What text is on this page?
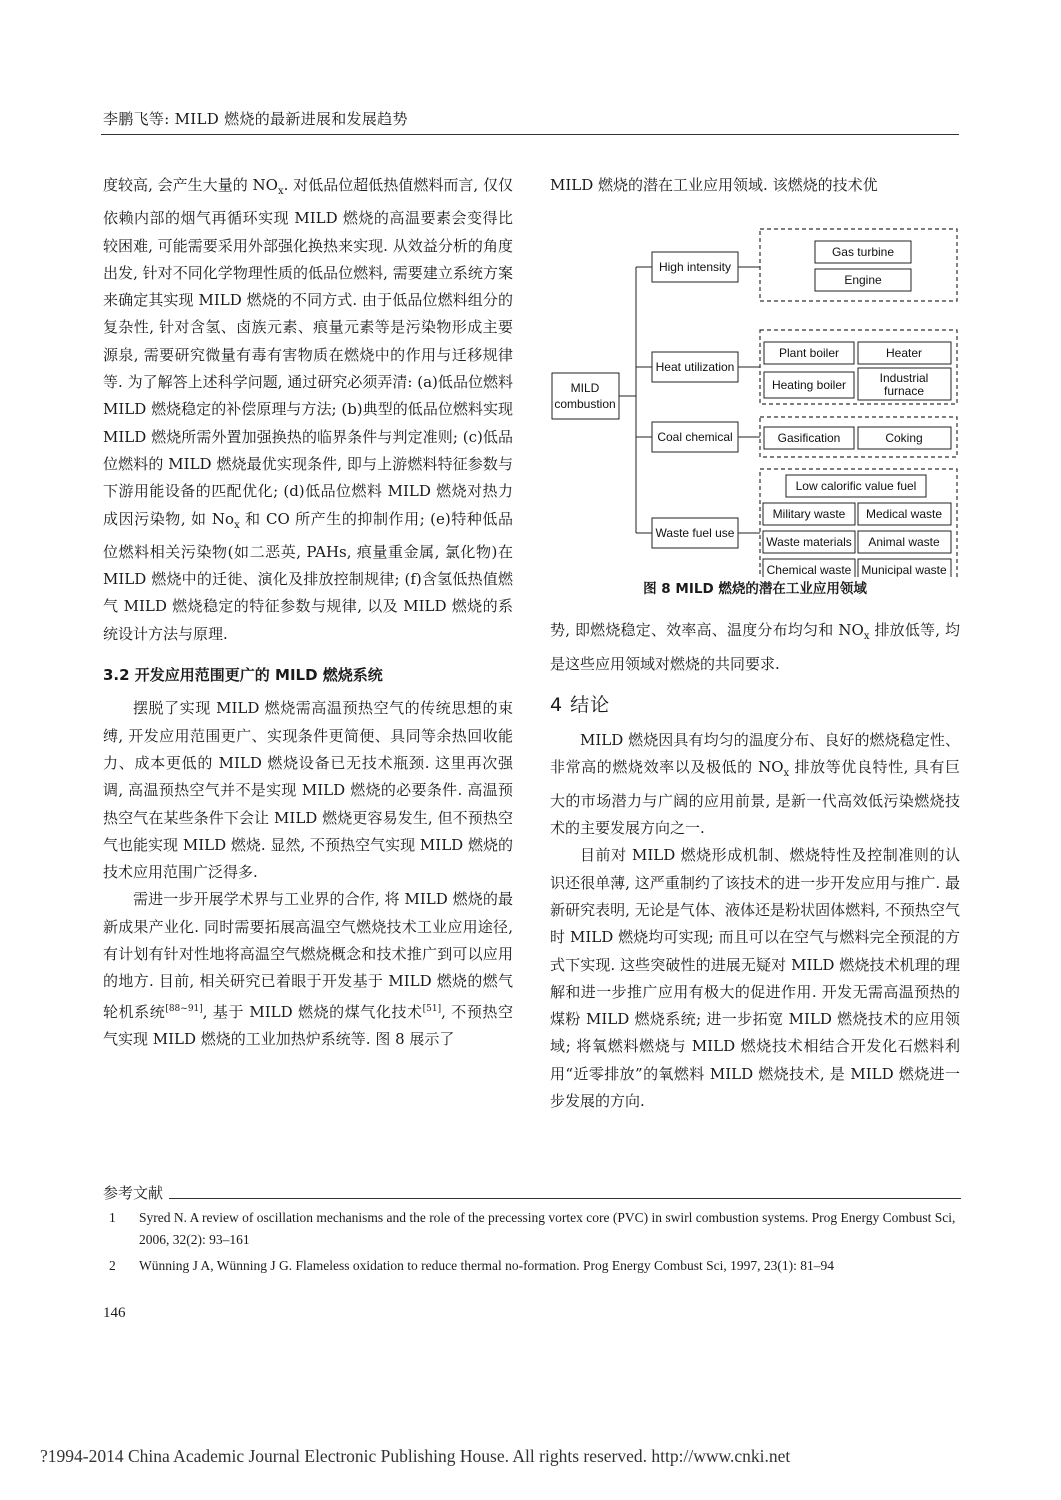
李鹏飞等: MILD 燃烧的最新进展和发展趋势

度较高, 会产生大量的 $NO_x$. 对低品位超低热值燃料而言, 仅仅依赖内部的烟气再循环实现 MILD 燃烧的高温要素会变得比较困难, 可能需要采用外部强化换热来实现. 从效益分析的角度出发, 针对不同化学物理性质的低品位燃料, 需要建立系统方案来确定其实现 MILD 燃烧的不同方式. 由于低品位燃料组分的复杂性, 针对含氢、卤族元素、痕量元素等是污染物形成主要源泉, 需要研究微量有毒有害物质在燃烧中的作用与迁移规律等. 为了解答上述科学问题, 通过研究必须弄清: (a)低品位燃料 MILD 燃烧稳定的补偿原理与方法; (b)典型的低品位燃料实现 MILD 燃烧所需外置加强换热的临界条件与判定准则; (c)低品位燃料的 MILD 燃烧最优实现条件, 即与上游燃料特征参数与下游用能设备的匹配优化; (d)低品位燃料 MILD 燃烧对热力成因污染物, 如 $No_x$ 和 CO 所产生的抑制作用; (e)特种低品位燃料相关污染物(如二恶英, PAHs, 痕量重金属, 氯化物)在 MILD 燃烧中的迁徙、演化及排放控制规律; (f)含氢低热值燃气 MILD 燃烧稳定的特征参数与规律, 以及 MILD 燃烧的系统设计方法与原理.

3.2 开发应用范围更广的 MILD 燃烧系统

摆脱了实现 MILD 燃烧需高温预热空气的传统思想的束缚, 开发应用范围更广、实现条件更简便、具同等余热回收能力、成本更低的 MILD 燃烧设备已无技术瓶颈. 这里再次强调, 高温预热空气并不是实现 MILD 燃烧的必要条件. 高温预热空气在某些条件下会让 MILD 燃烧更容易发生, 但不预热空气也能实现 MILD 燃烧. 显然, 不预热空气实现 MILD 燃烧的技术应用范围广泛得多.

需进一步开展学术界与工业界的合作, 将 MILD 燃烧的最新成果产业化. 同时需要拓展高温空气燃烧技术工业应用途径, 有计划有针对性地将高温空气燃烧概念和技术推广到可以应用的地方. 目前, 相关研究已着眼于开发基于 MILD 燃烧的燃气轮机系统[88~91], 基于 MILD 燃烧的煤气化技术[51], 不预热空气实现 MILD 燃烧的工业加热炉系统等. 图 8 展示了

MILD 燃烧的潜在工业应用领域. 该燃烧的技术优

MILD
combustion
High intensity
Heat utilization
Coal chemical
Waste fuel use
Gas turbine
Engine
Plant boiler	Heater
Heating boiler	Industrial
furnace
Gasification	Coking
Low calorific value fuel
Military waste Medical waste
Waste materials Animal waste
Chemical waste Municipal waste

图 8 MILD 燃烧的潜在工业应用领域

势, 即燃烧稳定、效率高、温度分布均匀和 $NO_x$ 排放低等, 均是这些应用领域对燃烧的共同要求.

4 结论

MILD 燃烧因具有均匀的温度分布、良好的燃烧稳定性、非常高的燃烧效率以及极低的 $NO_x$ 排放等优良特性, 具有巨大的市场潜力与广阔的应用前景, 是新一代高效低污染燃烧技术的主要发展方向之一.

目前对 MILD 燃烧形成机制、燃烧特性及控制准则的认识还很单薄, 这严重制约了该技术的进一步开发应用与推广. 最新研究表明, 无论是气体、液体还是粉状固体燃料, 不预热空气时 MILD 燃烧均可实现; 而且可以在空气与燃料完全预混的方式下实现. 这些突破性的进展无疑对 MILD 燃烧技术机理的理解和进一步推广应用有极大的促进作用. 开发无需高温预热的煤粉 MILD 燃烧系统; 进一步拓宽 MILD 燃烧技术的应用领域; 将氧燃料燃烧与 MILD 燃烧技术相结合开发化石燃料利用“近零排放”的氧燃料 MILD 燃烧技术, 是 MILD 燃烧进一步发展的方向.

参考文献
1	Syred N. A review of oscillation mechanisms and the role of the precessing vortex core (PVC) in swirl combustion systems. Prog Energy Combust Sci, 2006, 32(2): 93–161
2	Wünning J A, Wünning J G. Flameless oxidation to reduce thermal no-formation. Prog Energy Combust Sci, 1997, 23(1): 81–94
146
?1994-2014 China Academic Journal Electronic Publishing House. All rights reserved. http://www.cnki.net
